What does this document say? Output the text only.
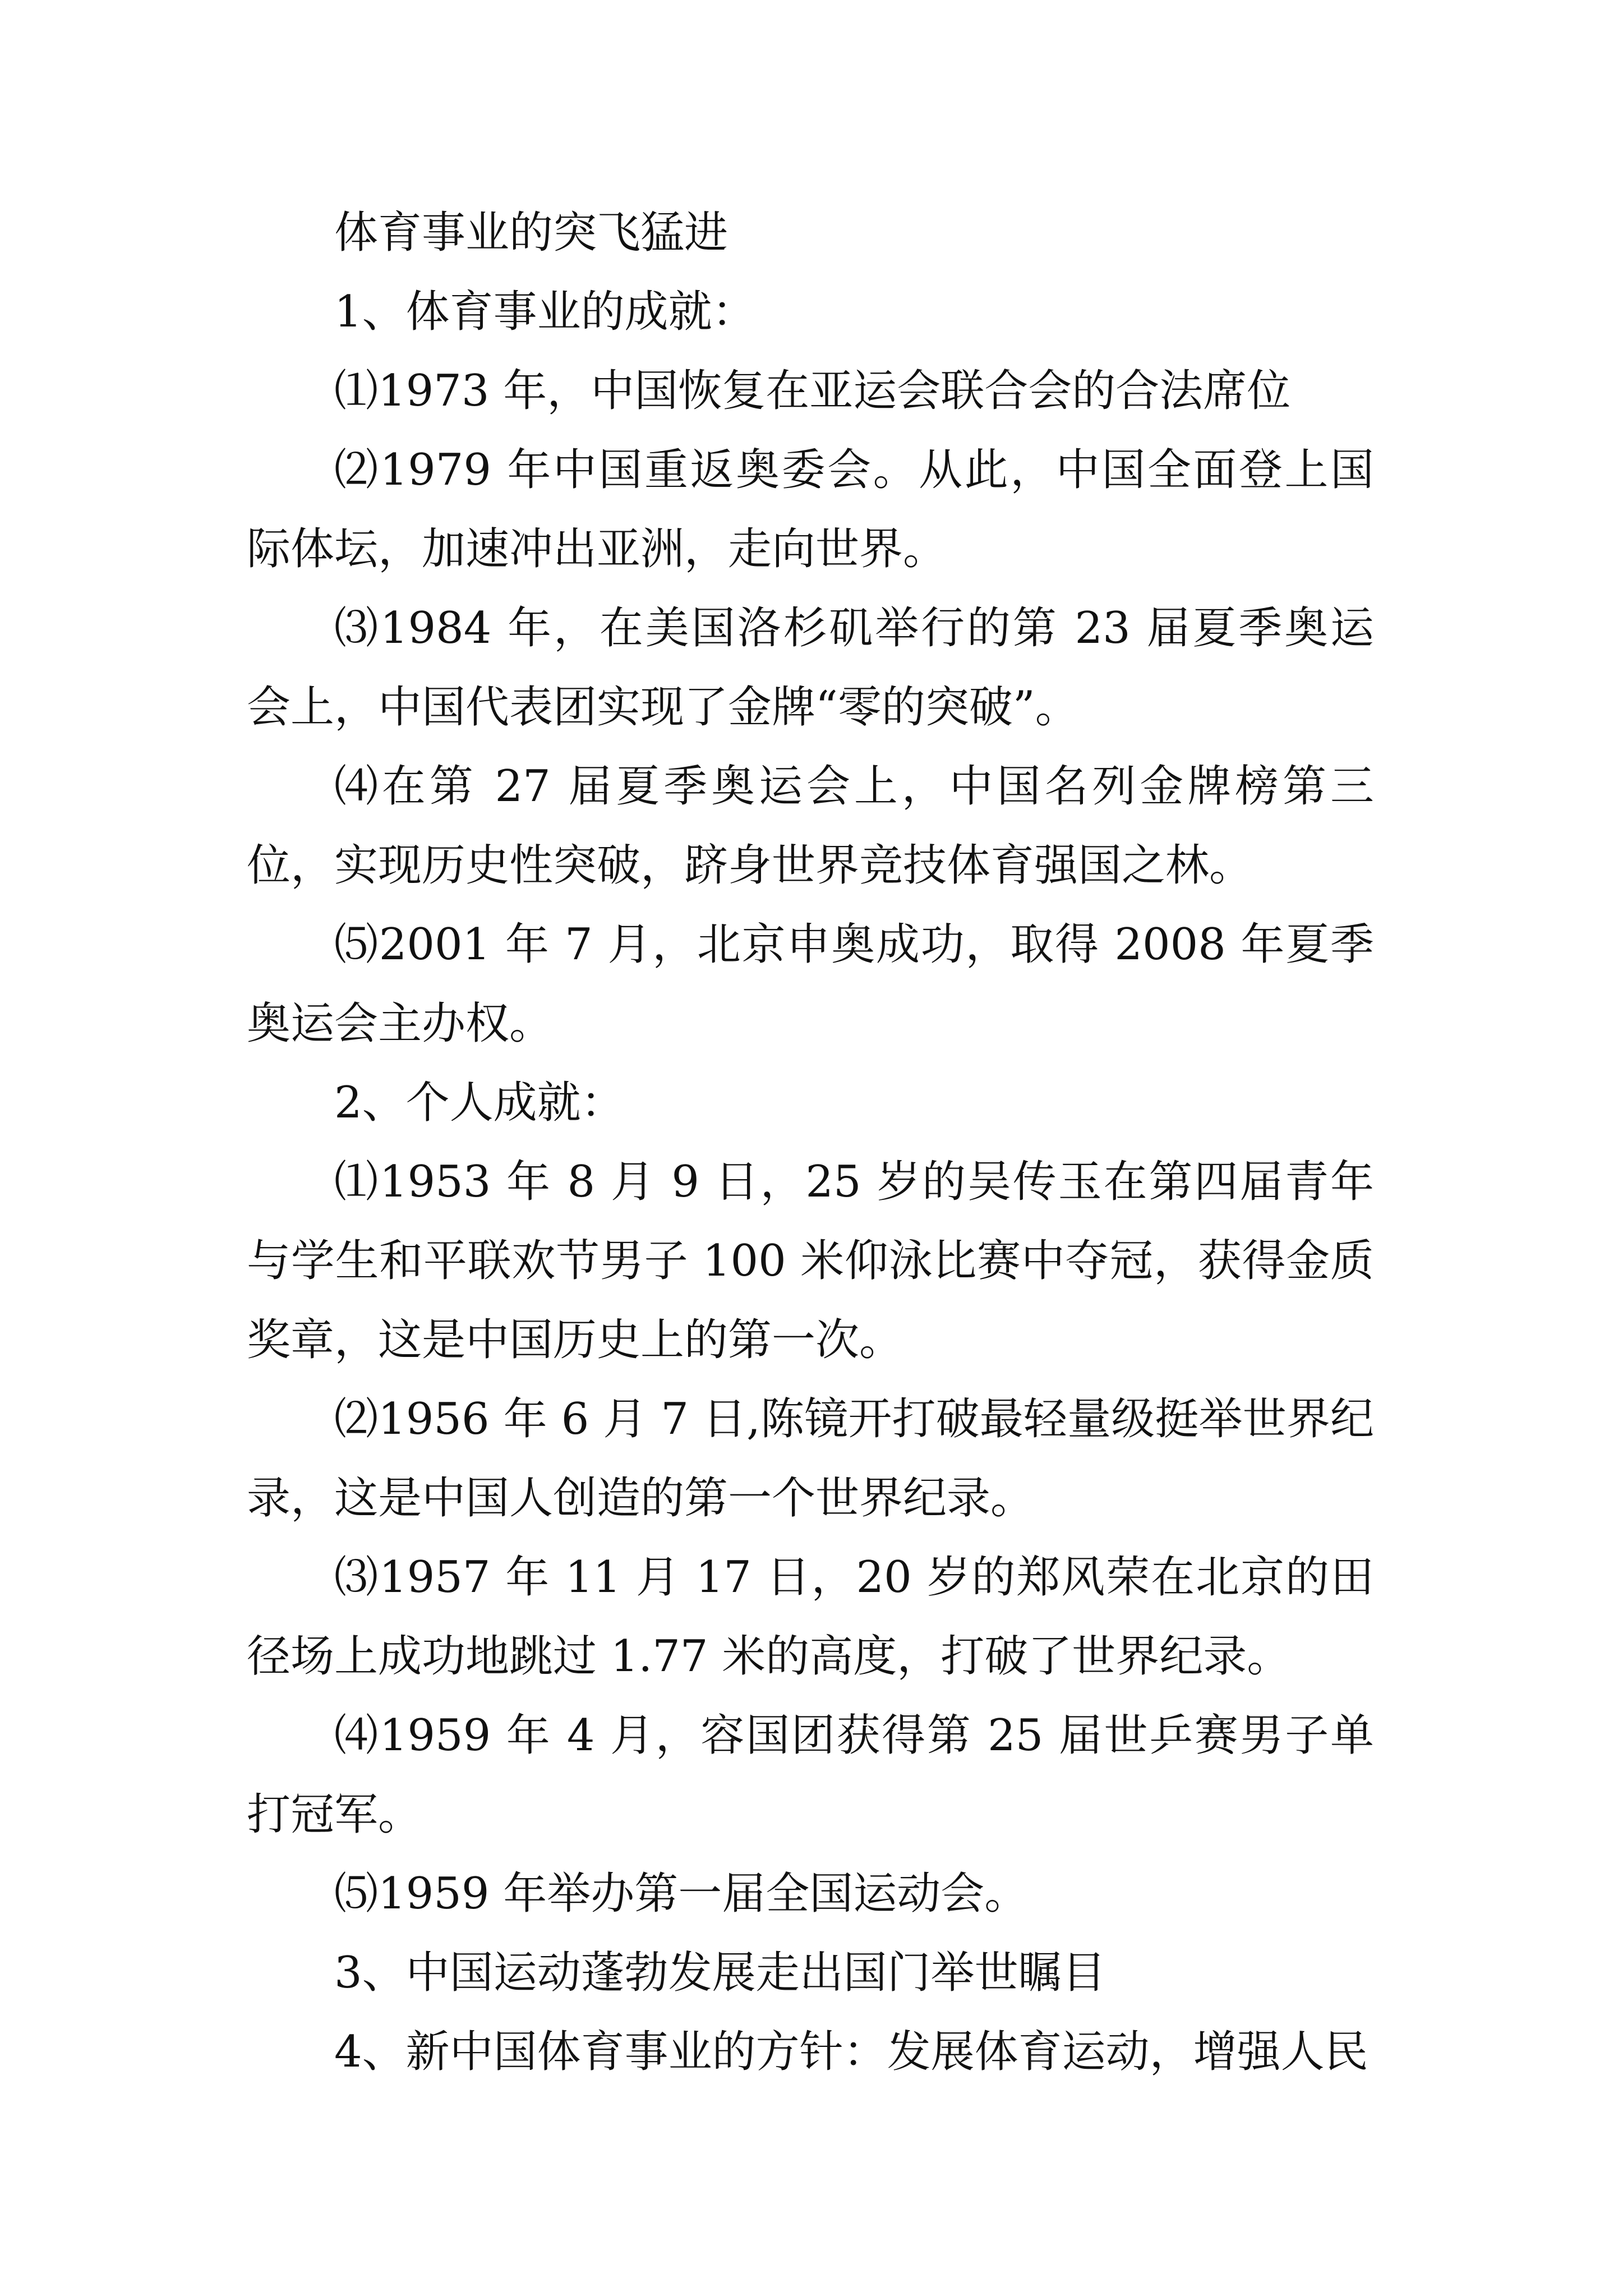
体育事业的突飞猛进

1、体育事业的成就：

⑴1973 年，中国恢复在亚运会联合会的合法席位

⑵1979 年中国重返奥委会。从此，中国全面登上国际体坛，加速冲出亚洲，走向世界。

⑶1984 年，在美国洛杉矶举行的第 23 届夏季奥运会上，中国代表团实现了金牌“零的突破”。

⑷在第 27 届夏季奥运会上，中国名列金牌榜第三位，实现历史性突破，跻身世界竞技体育强国之林。

⑸2001 年 7 月，北京申奥成功，取得 2008 年夏季奥运会主办权。

2、个人成就：

⑴1953 年 8 月 9 日，25 岁的吴传玉在第四届青年与学生和平联欢节男子 100 米仰泳比赛中夺冠，获得金质奖章，这是中国历史上的第一次。

⑵1956 年 6 月 7 日,陈镜开打破最轻量级挺举世界纪录，这是中国人创造的第一个世界纪录。

⑶1957 年 11 月 17 日，20 岁的郑风荣在北京的田径场上成功地跳过 1.77 米的高度，打破了世界纪录。

⑷1959 年 4 月，容国团获得第 25 届世乒赛男子单打冠军。

⑸1959 年举办第一届全国运动会。

3、中国运动蓬勃发展走出国门举世瞩目

4、新中国体育事业的方针：发展体育运动，增强人民
